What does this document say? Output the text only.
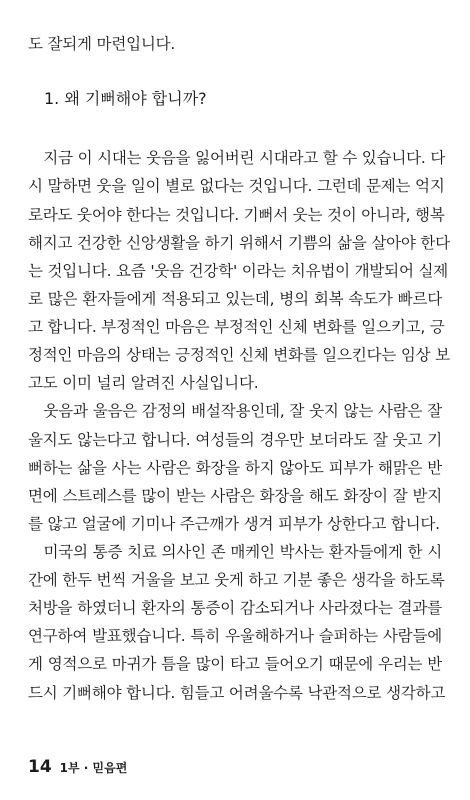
도 잘되게 마련입니다.
1. 왜 기뻐해야 합니까?
　지금 이 시대는 웃음을 잃어버린 시대라고 할 수 있습니다. 다
시 말하면 웃을 일이 별로 없다는 것입니다. 그런데 문제는 억지
로라도 웃어야 한다는 것입니다. 기뻐서 웃는 것이 아니라, 행복
해지고 건강한 신앙생활을 하기 위해서 기쁨의 삶을 살아야 한다
는 것입니다. 요즘 '웃음 건강학' 이라는 치유법이 개발되어 실제
로 많은 환자들에게 적용되고 있는데, 병의 회복 속도가 빠르다
고 합니다. 부정적인 마음은 부정적인 신체 변화를 일으키고, 긍
정적인 마음의 상태는 긍정적인 신체 변화를 일으킨다는 임상 보
고도 이미 널리 알려진 사실입니다.
　웃음과 울음은 감정의 배설작용인데, 잘 웃지 않는 사람은 잘
울지도 않는다고 합니다. 여성들의 경우만 보더라도 잘 웃고 기
뻐하는 삶을 사는 사람은 화장을 하지 않아도 피부가 해맑은 반
면에 스트레스를 많이 받는 사람은 화장을 해도 화장이 잘 받지
를 않고 얼굴에 기미나 주근깨가 생겨 피부가 상한다고 합니다.
　미국의 통증 치료 의사인 존 매케인 박사는 환자들에게 한 시
간에 한두 번씩 거울을 보고 웃게 하고 기분 좋은 생각을 하도록
처방을 하였더니 환자의 통증이 감소되거나 사라졌다는 결과를
연구하여 발표했습니다. 특히 우울해하거나 슬퍼하는 사람들에
게 영적으로 마귀가 틈을 많이 타고 들어오기 때문에 우리는 반
드시 기뻐해야 합니다. 힘들고 어려울수록 낙관적으로 생각하고
14 1부 · 믿음편
